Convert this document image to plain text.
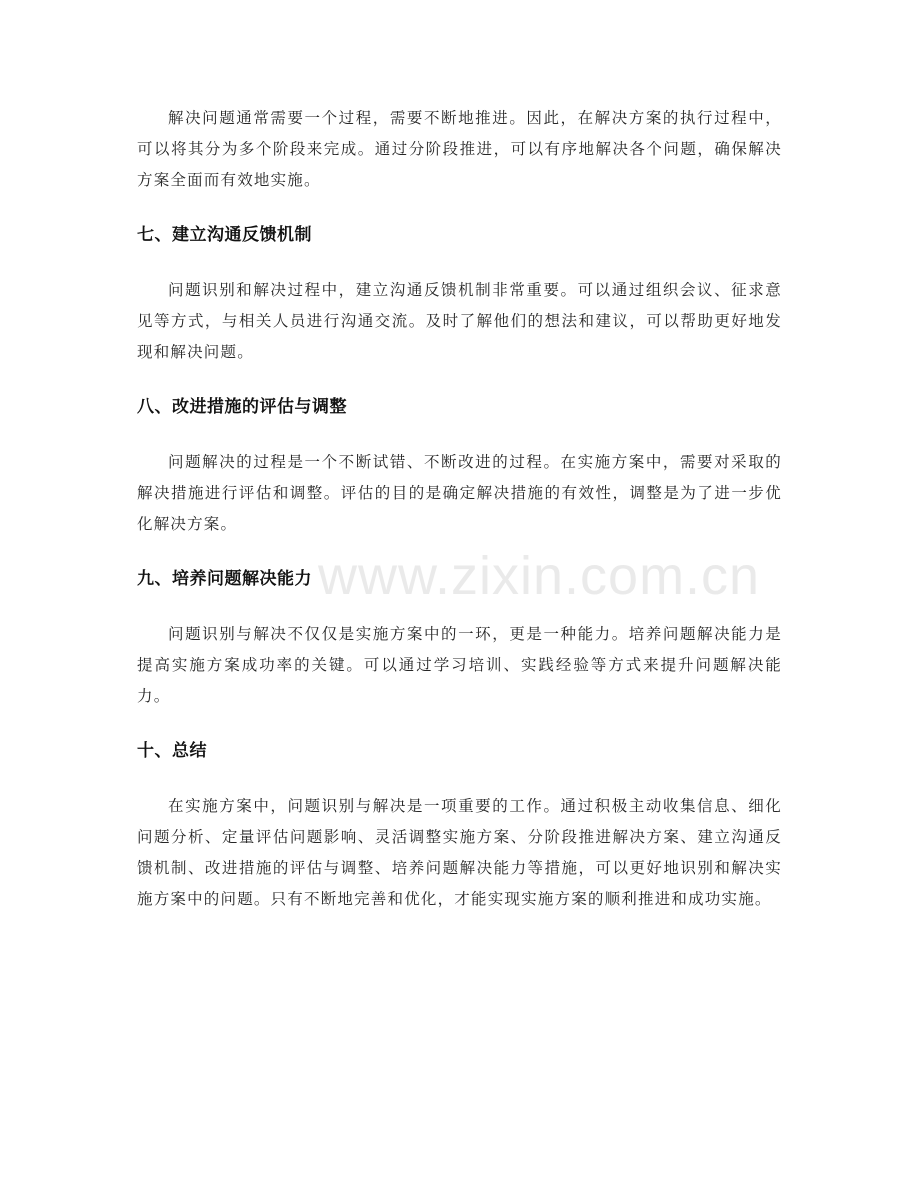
解决问题通常需要一个过程，需要不断地推进。因此，在解决方案的执行过程中，可以将其分为多个阶段来完成。通过分阶段推进，可以有序地解决各个问题，确保解决方案全面而有效地实施。

七、建立沟通反馈机制

问题识别和解决过程中，建立沟通反馈机制非常重要。可以通过组织会议、征求意见等方式，与相关人员进行沟通交流。及时了解他们的想法和建议，可以帮助更好地发现和解决问题。

八、改进措施的评估与调整

问题解决的过程是一个不断试错、不断改进的过程。在实施方案中，需要对采取的解决措施进行评估和调整。评估的目的是确定解决措施的有效性，调整是为了进一步优化解决方案。

九、培养问题解决能力

问题识别与解决不仅仅是实施方案中的一环，更是一种能力。培养问题解决能力是提高实施方案成功率的关键。可以通过学习培训、实践经验等方式来提升问题解决能力。

十、总结

在实施方案中，问题识别与解决是一项重要的工作。通过积极主动收集信息、细化问题分析、定量评估问题影响、灵活调整实施方案、分阶段推进解决方案、建立沟通反馈机制、改进措施的评估与调整、培养问题解决能力等措施，可以更好地识别和解决实施方案中的问题。只有不断地完善和优化，才能实现实施方案的顺利推进和成功实施。

www.zixin.com.cn
